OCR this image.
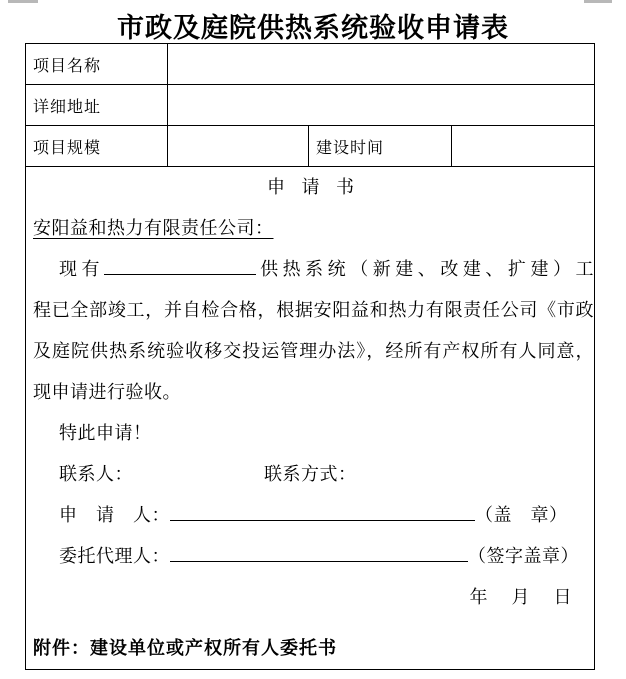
市政及庭院供热系统验收申请表
项目名称			
详细地址			
项目规模		建设时间	

申 请 书
安阳益和热力有限责任公司：
现有	供热系统（新建、改建、扩建）工
程已全部竣工，并自检合格，根据安阳益和热力有限责任公司《市政
及庭院供热系统验收移交投运管理办法》，经所有产权所有人同意，
现申请进行验收。
特此申请！
联系人：	联系方式：
申　请　人：	（盖　章）
委托代理人：	（签字盖章）
年　 月　 日
附件：建设单位或产权所有人委托书
